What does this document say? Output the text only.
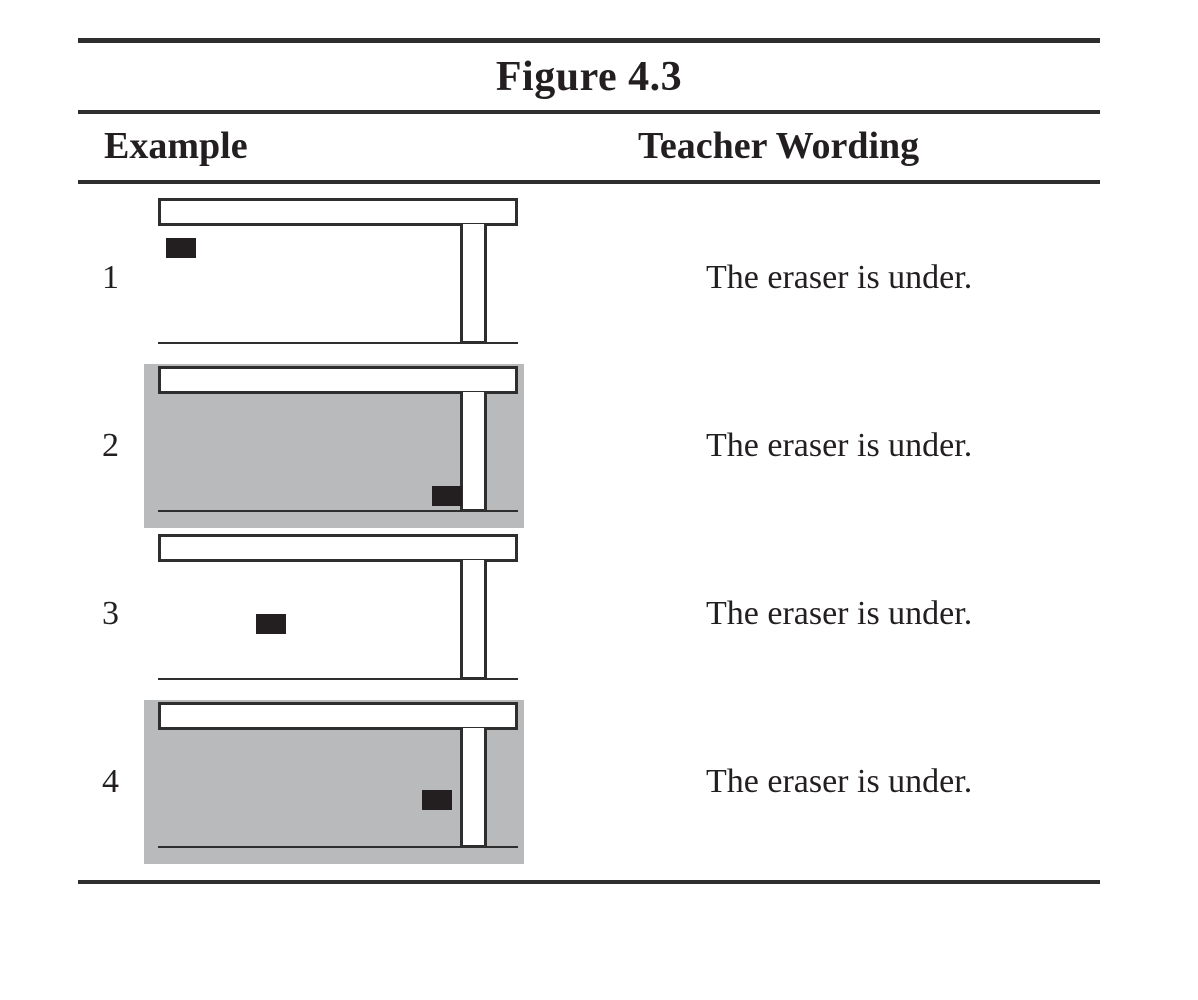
Figure 4.3
Example	Teacher Wording
1	The eraser is under.
2	The eraser is under.
3	The eraser is under.
4	The eraser is under.
